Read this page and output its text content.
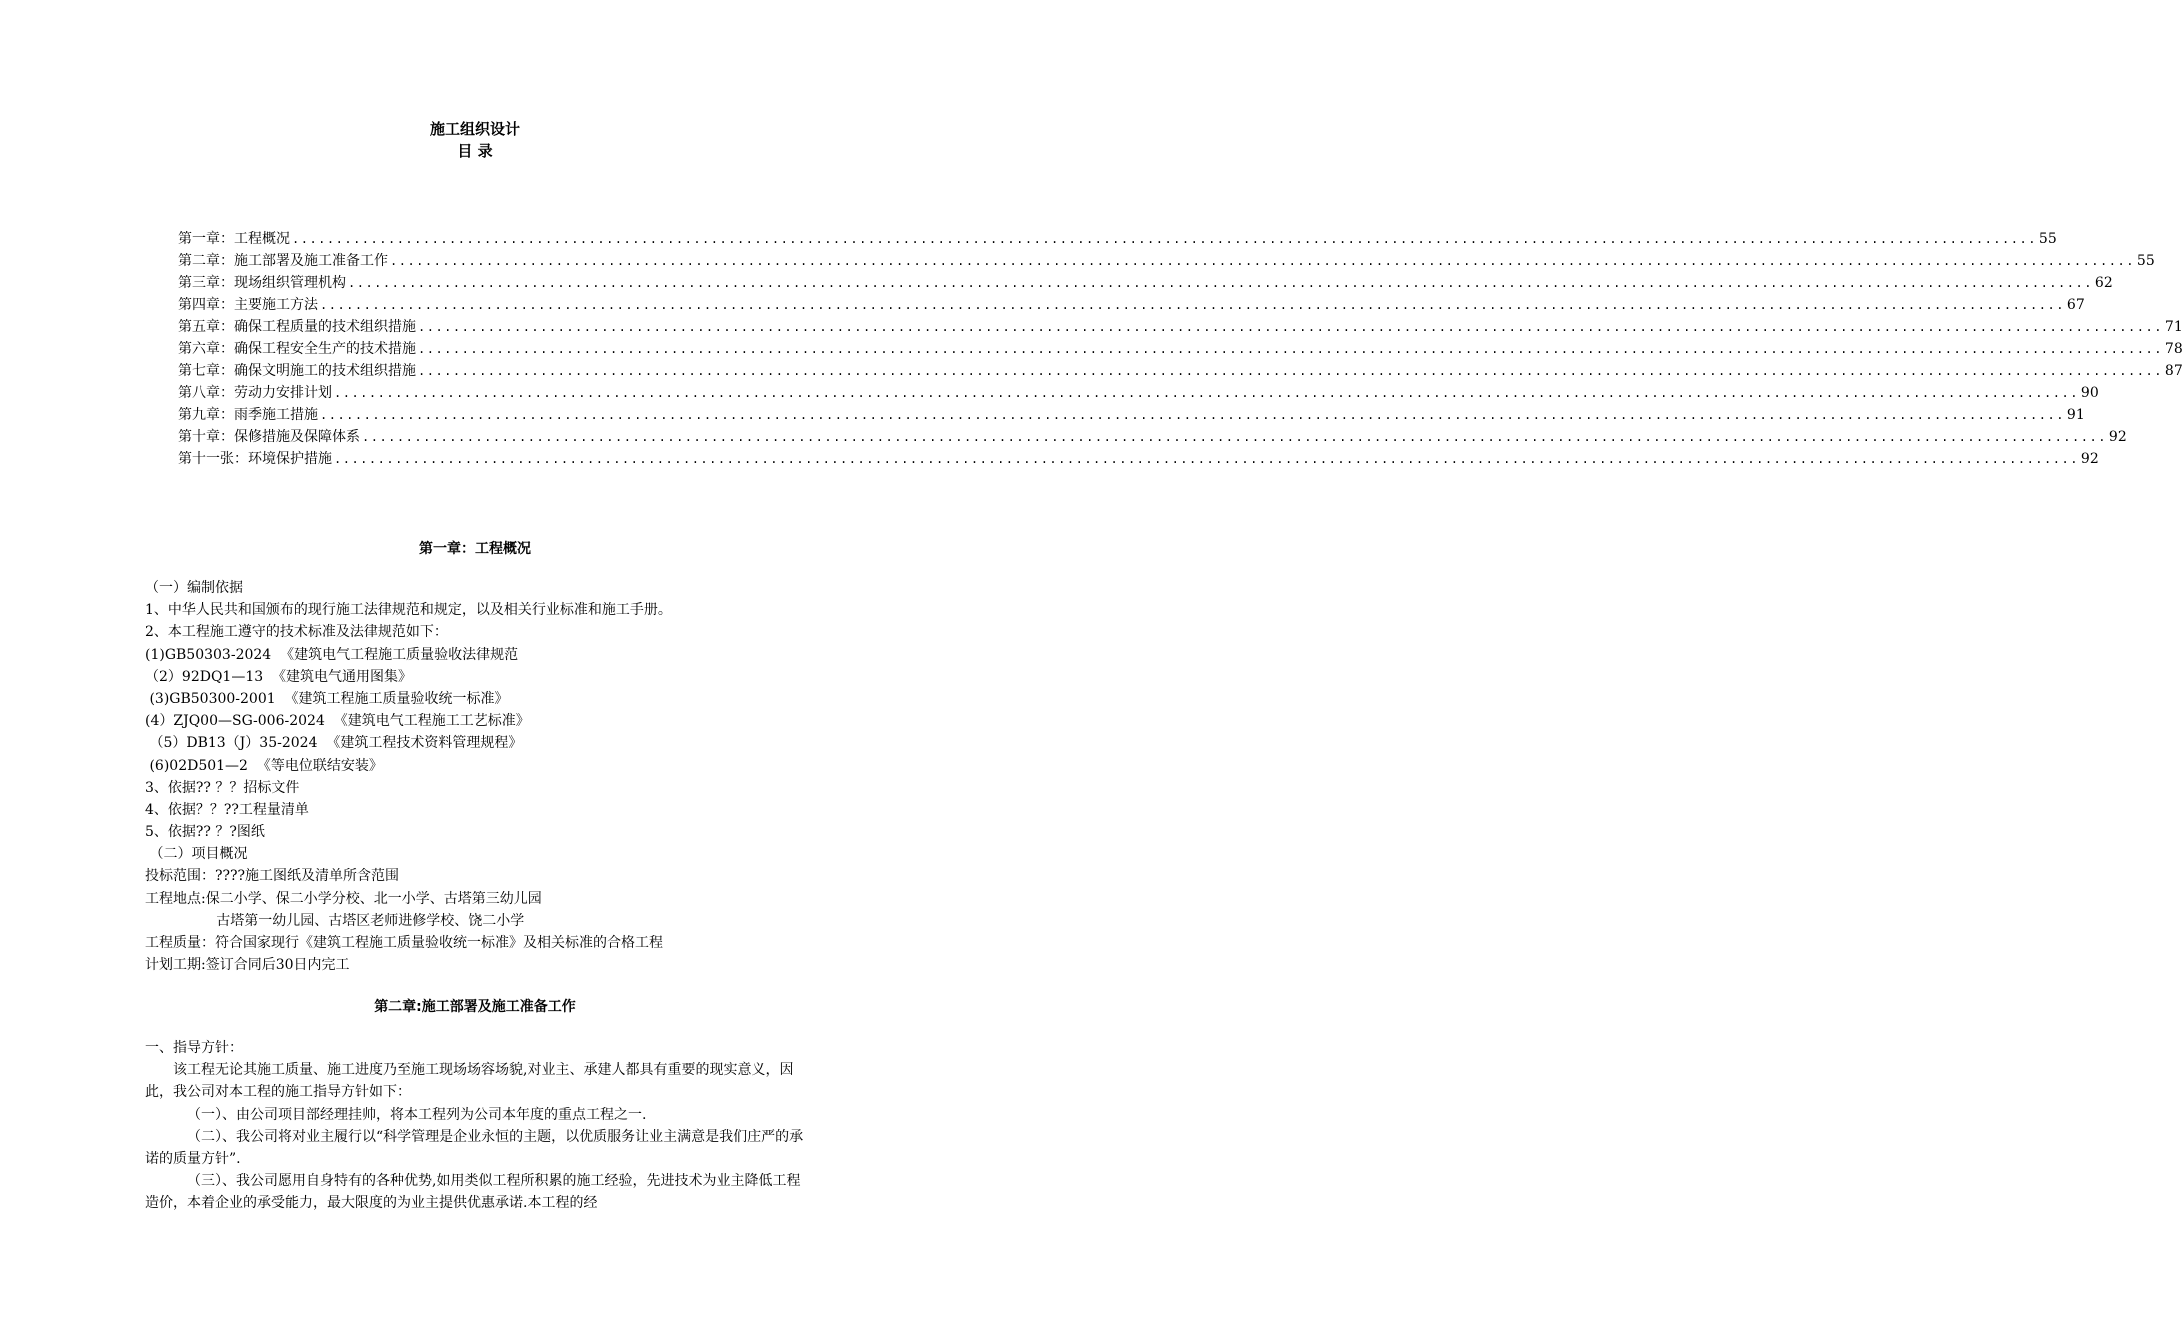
施工组织设计
目 录
第一章：工程概况 ........................................................................................................................................................................................................ 55
第二章：施工部署及施工准备工作 ........................................................................................................................................................................................................ 55
第三章：现场组织管理机构 ........................................................................................................................................................................................................ 62
第四章：主要施工方法 ........................................................................................................................................................................................................ 67
第五章：确保工程质量的技术组织措施 ........................................................................................................................................................................................................ 71
第六章：确保工程安全生产的技术措施 ........................................................................................................................................................................................................ 78
第七章：确保文明施工的技术组织措施 ........................................................................................................................................................................................................ 87
第八章：劳动力安排计划 ........................................................................................................................................................................................................ 90
第九章：雨季施工措施 ........................................................................................................................................................................................................ 91
第十章：保修措施及保障体系 ........................................................................................................................................................................................................ 92
第十一张：环境保护措施 ........................................................................................................................................................................................................ 92
第一章：工程概况
（一）编制依据
1、中华人民共和国颁布的现行施工法律规范和规定，以及相关行业标准和施工手册。
2、本工程施工遵守的技术标准及法律规范如下：
(1)GB50303-2024  《建筑电气工程施工质量验收法律规范
（2）92DQ1—13  《建筑电气通用图集》
(3)GB50300-2001  《建筑工程施工质量验收统一标准》
(4）ZJQ00—SG-006-2024  《建筑电气工程施工工艺标准》
（5）DB13（J）35-2024  《建筑工程技术资料管理规程》
(6)02D501—2  《等电位联结安装》
3、依据?? ？？招标文件
4、依据？？??工程量清单
5、依据?? ？?图纸
（二）项目概况
投标范围：????施工图纸及清单所含范围
工程地点:保二小学、保二小学分校、北一小学、古塔第三幼儿园
古塔第一幼儿园、古塔区老师进修学校、饶二小学
工程质量：符合国家现行《建筑工程施工质量验收统一标准》及相关标准的合格工程
计划工期:签订合同后30日内完工
第二章:施工部署及施工准备工作

一、指导方针：

该工程无论其施工质量、施工进度乃至施工现场场容场貌,对业主、承建人都具有重要的现实意义，因此，我公司对本工程的施工指导方针如下：

（一）、由公司项目部经理挂帅，将本工程列为公司本年度的重点工程之一.

（二）、我公司将对业主履行以“科学管理是企业永恒的主题，以优质服务让业主满意是我们庄严的承诺的质量方针”.

（三）、我公司愿用自身特有的各种优势,如用类似工程所积累的施工经验，先进技术为业主降低工程造价，本着企业的承受能力，最大限度的为业主提供优惠承诺.本工程的经
